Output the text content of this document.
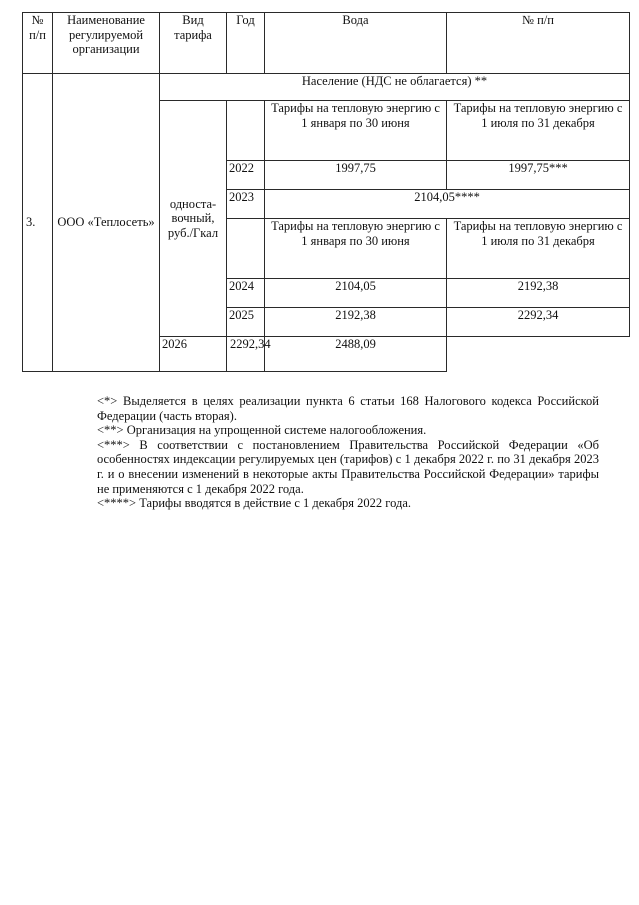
№ п/п	Наименование регулируемой организации	Вид тарифа	Год	Вода	№ п/п
3.	ООО «Теплосеть»	Население (НДС не облагается) **			
		односта-вочный, руб./Гкал		Тарифы на тепловую энергию с 1 января по 30 июня	Тарифы на тепловую энергию с 1 июля по 31 декабря
			2022	1997,75	1997,75***
			2023	2104,05****	
				Тарифы на тепловую энергию с 1 января по 30 июня	Тарифы на тепловую энергию с 1 июля по 31 декабря
			2024	2104,05	2192,38
			2025	2192,38	2292,34
		2026	2292,34	2488,09	

<*> Выделяется в целях реализации пункта 6 статьи 168 Налогового кодекса Российской Федерации (часть вторая).

<**> Организация на упрощенной системе налогообложения.

<***> В соответствии с постановлением Правительства Российской Федерации «Об особенностях индексации регулируемых цен (тарифов) с 1 декабря 2022 г. по 31 декабря 2023 г. и о внесении изменений в некоторые акты Правительства Российской Федерации» тарифы не применяются с 1 декабря 2022 года.

<****> Тарифы вводятся в действие с 1 декабря 2022 года.
